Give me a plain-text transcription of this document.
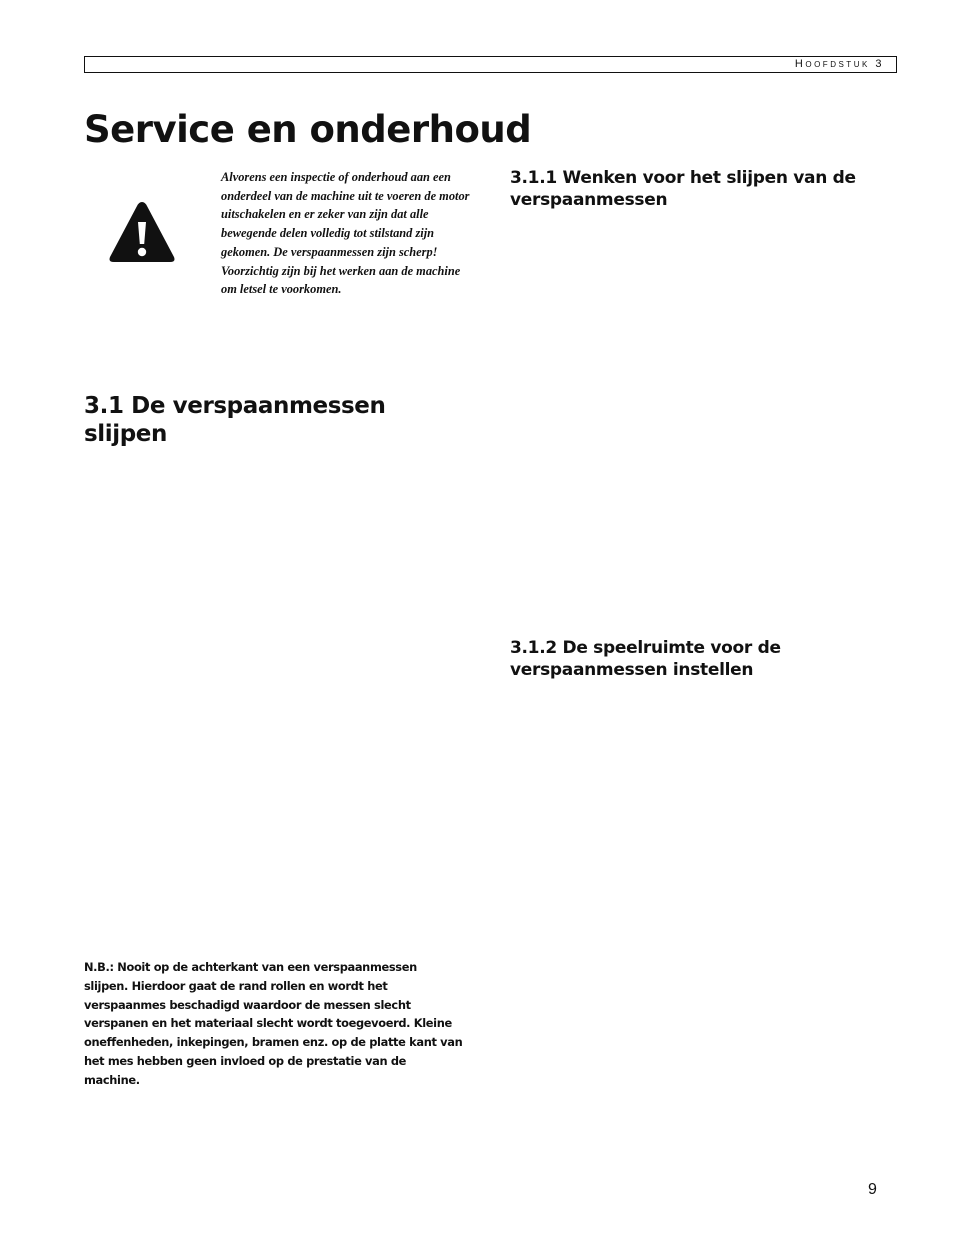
Hoofdstuk 3
Service en onderhoud

Alvorens een inspectie of onderhoud aan een onderdeel van de machine uit te voeren de motor uitschakelen en er zeker van zijn dat alle bewegende delen volledig tot stilstand zijn gekomen. De verspaanmessen zijn scherp! Voorzichtig zijn bij het werken aan de machine om letsel te voorkomen.

3.1 De verspaanmessen slijpen
3.1.1 Wenken voor het slijpen van de verspaanmessen
3.1.2 De speelruimte voor de verspaanmessen instellen

N.B.: Nooit op de achterkant van een verspaanmessen slijpen. Hierdoor gaat de rand rollen en wordt het verspaanmes beschadigd waardoor de messen slecht verspanen en het materiaal slecht wordt toegevoerd. Kleine oneffenheden, inkepingen, bramen enz. op de platte kant van het mes hebben geen invloed op de prestatie van de machine.

9
